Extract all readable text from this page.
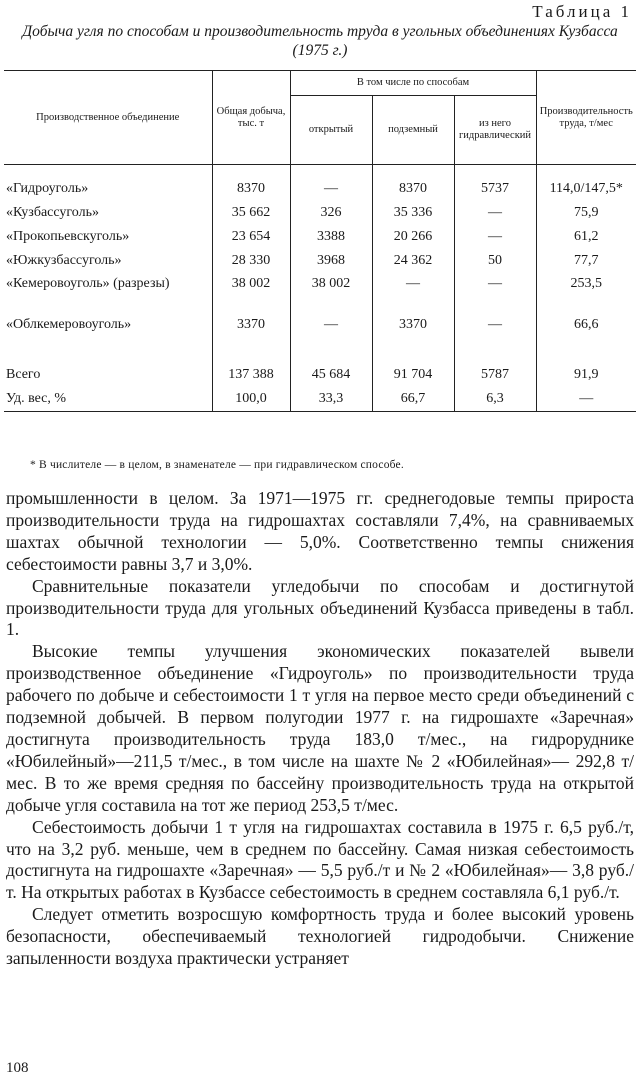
Таблица 1
Добыча угля по способам и производительность труда в угольных объединениях Кузбасса (1975 г.)
Производственное объединение	Общая добыча, тыс. т	В том числе по способам			Производительность труда, т/мес
		открытый	подземный	из него гидравлический	

«Гидроуголь»	8370	—	8370	5737	114,0/147,5*
«Кузбассуголь»	35 662	326	35 336	—	75,9
«Прокопьевскуголь»	23 654	3388	20 266	—	61,2
«Южкузбассуголь»	28 330	3968	24 362	50	77,7
«Кемеровоуголь» (разрезы)	38 002	38 002	—	—	253,5
«Облкемеровоуголь»	3370	—	3370	—	66,6

Всего	137 388	45 684	91 704	5787	91,9
Уд. вес, %	100,0	33,3	66,7	6,3	—
* В числителе — в целом, в знаменателе — при гидравлическом способе.

промышленности в целом. За 1971—1975 гг. среднегодовые темпы прироста производительности труда на гидрошахтах составляли 7,4%, на сравниваемых шахтах обычной технологии — 5,0%. Соответственно темпы снижения себестоимости равны 3,7 и 3,0%.

Сравнительные показатели угледобычи по способам и достигнутой производительности труда для угольных объединений Кузбасса приведены в табл. 1.

Высокие темпы улучшения экономических показателей вывели производственное объединение «Гидроуголь» по производительности труда рабочего по добыче и себестоимости 1 т угля на первое место среди объединений с подземной добычей. В первом полугодии 1977 г. на гидрошахте «Заречная» достигнута производительность труда 183,0 т/мес., на гидроруднике «Юбилейный»—211,5 т/мес., в том числе на шахте № 2 «Юбилейная»— 292,8 т/мес. В то же время средняя по бассейну производительность труда на открытой добыче угля составила на тот же период 253,5 т/мес.

Себестоимость добычи 1 т угля на гидрошахтах составила в 1975 г. 6,5 руб./т, что на 3,2 руб. меньше, чем в среднем по бассейну. Самая низкая себестоимость достигнута на гидрошахте «Заречная» — 5,5 руб./т и № 2 «Юбилейная»— 3,8 руб./т. На открытых работах в Кузбассе себестоимость в среднем составляла 6,1 руб./т.

Следует отметить возросшую комфортность труда и более высокий уровень безопасности, обеспечиваемый технологией гидродобычи. Снижение запыленности воздуха практически устраняет

108
